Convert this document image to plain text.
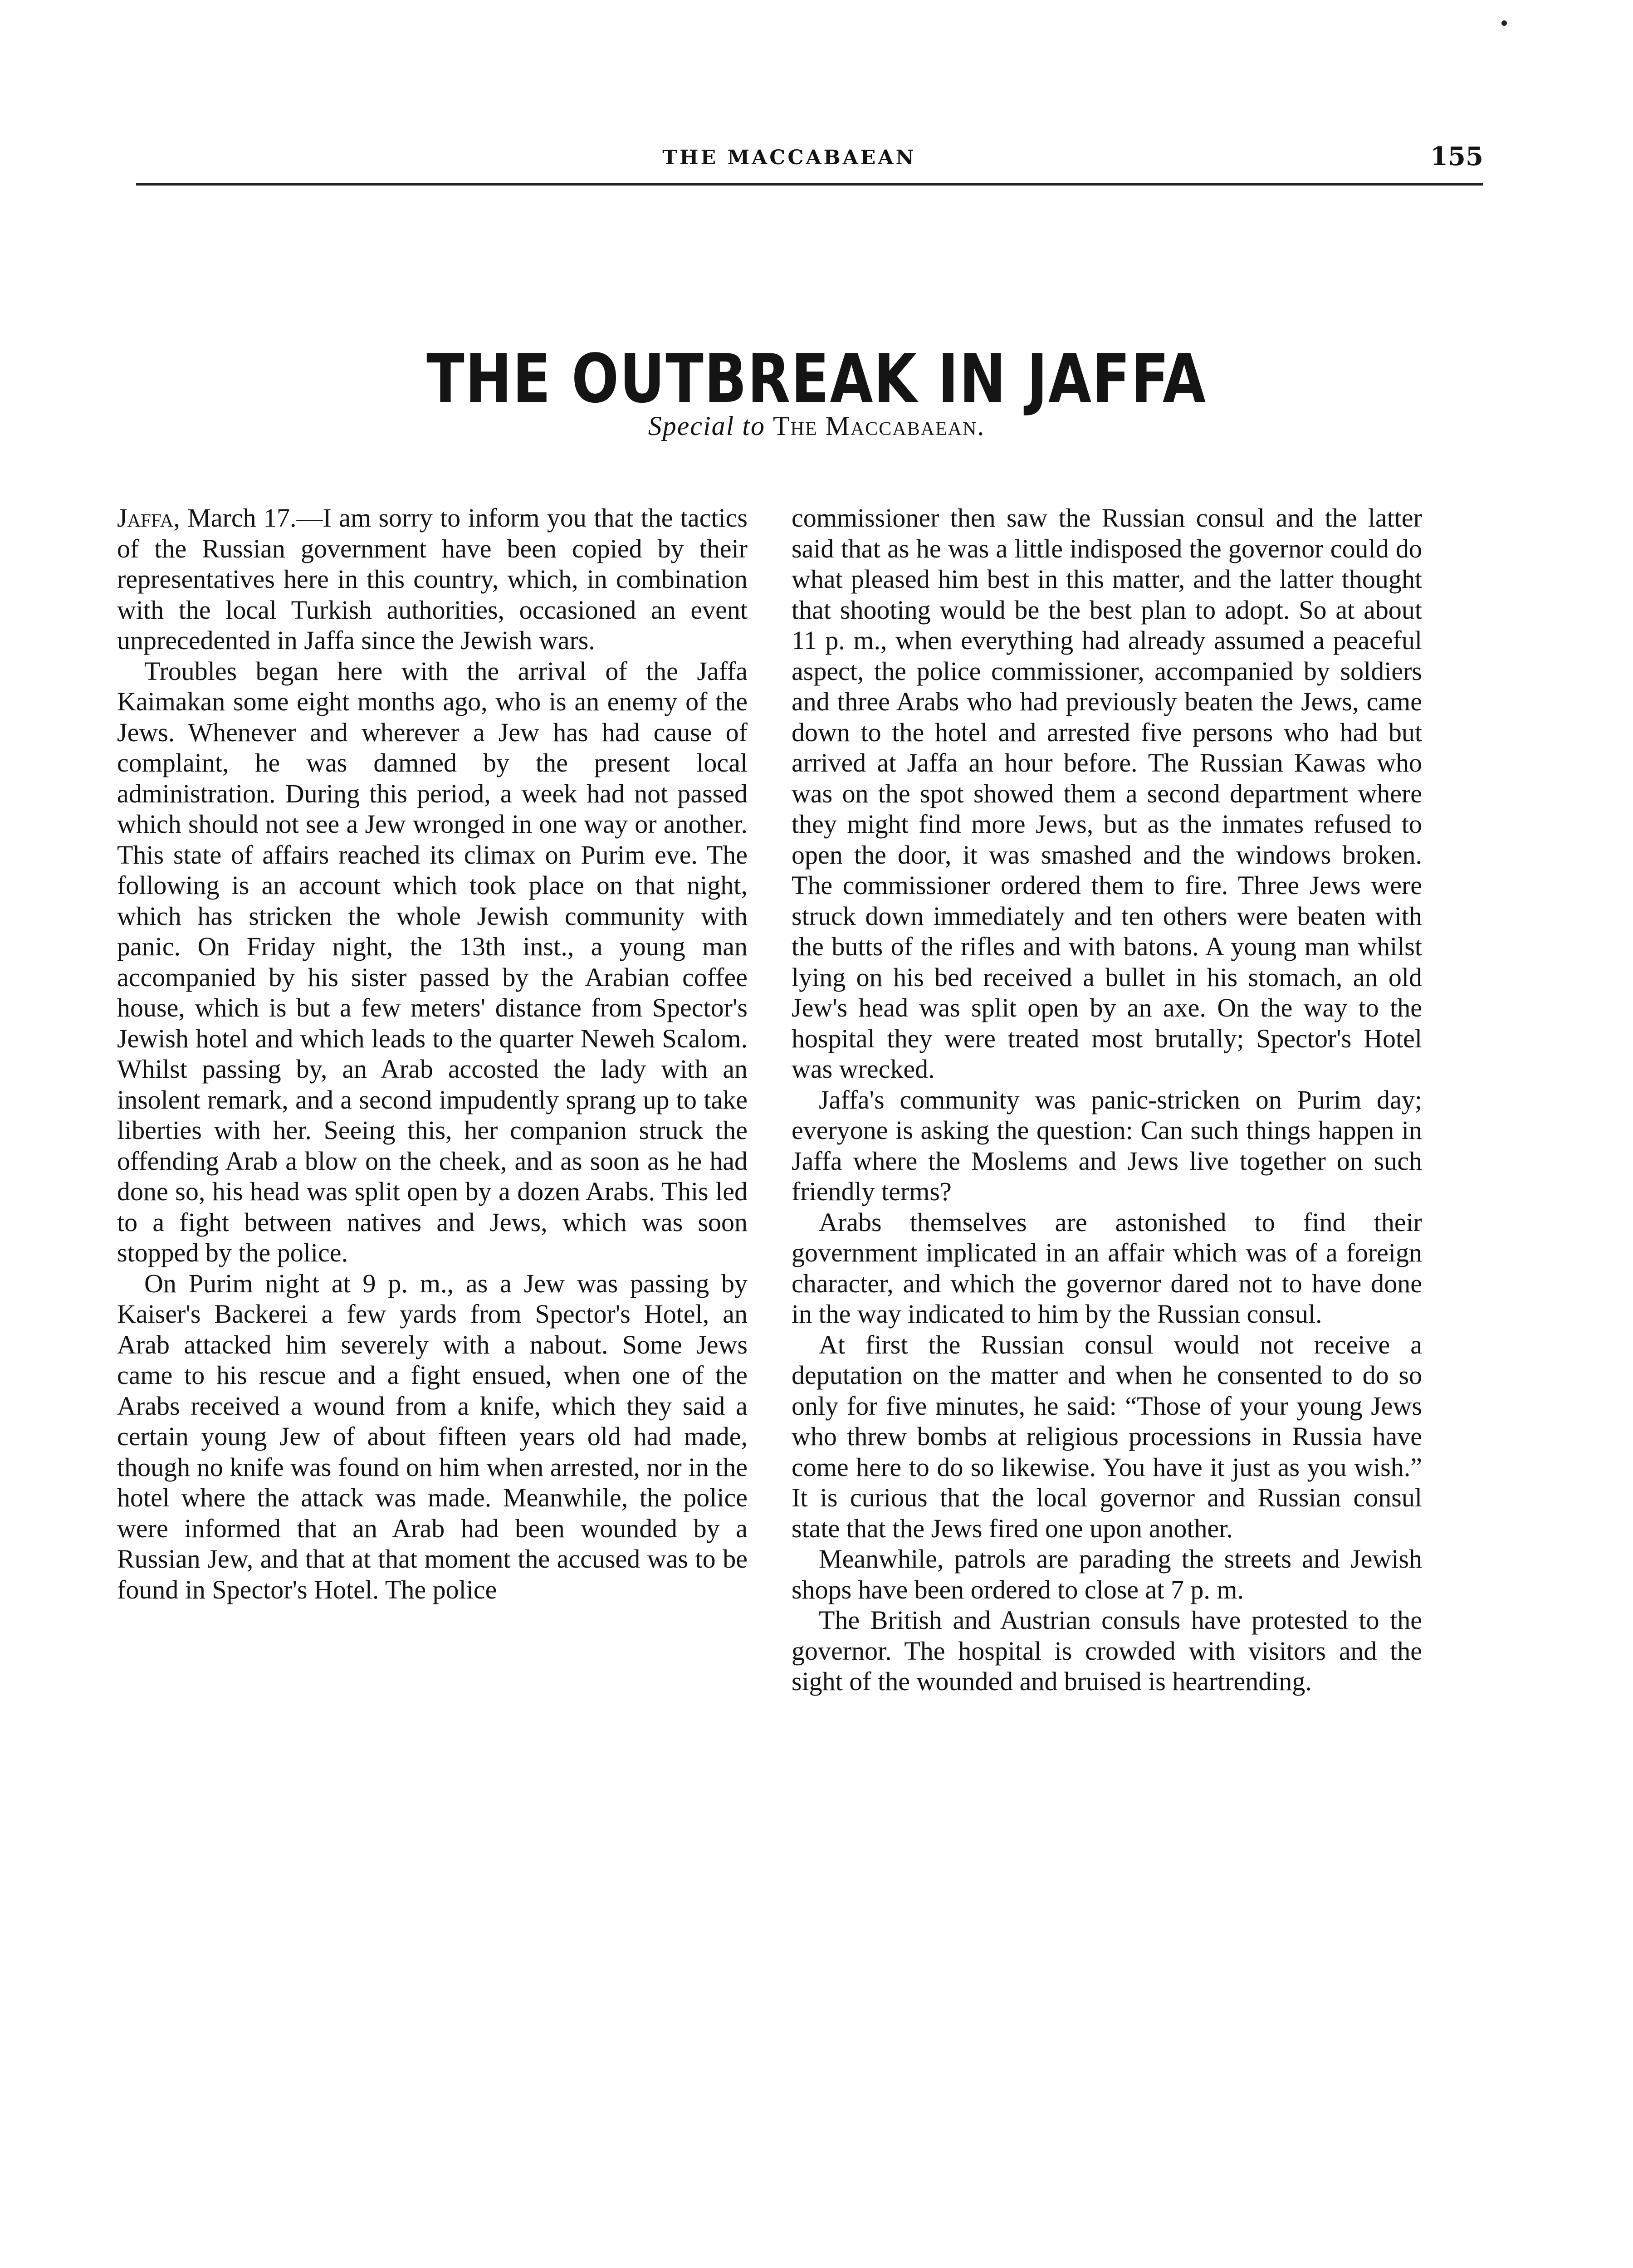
THE MACCABAEAN	155
THE OUTBREAK IN JAFFA
Special to The Maccabaean.

Jaffa, March 17.—I am sorry to inform you that the tactics of the Russian government have been copied by their representatives here in this country, which, in combination with the local Turkish authorities, occasioned an event unprecedented in Jaffa since the Jewish wars.

Troubles began here with the arrival of the Jaffa Kaimakan some eight months ago, who is an enemy of the Jews. Whenever and wherever a Jew has had cause of complaint, he was damned by the present local administration. During this period, a week had not passed which should not see a Jew wronged in one way or another. This state of affairs reached its climax on Purim eve. The following is an account which took place on that night, which has stricken the whole Jewish community with panic. On Friday night, the 13th inst., a young man accompanied by his sister passed by the Arabian coffee house, which is but a few meters' distance from Spector's Jewish hotel and which leads to the quarter Neweh Scalom. Whilst passing by, an Arab accosted the lady with an insolent remark, and a second impudently sprang up to take liberties with her. Seeing this, her companion struck the offending Arab a blow on the cheek, and as soon as he had done so, his head was split open by a dozen Arabs. This led to a fight between natives and Jews, which was soon stopped by the police.

On Purim night at 9 p. m., as a Jew was passing by Kaiser's Backerei a few yards from Spector's Hotel, an Arab attacked him severely with a nabout. Some Jews came to his rescue and a fight ensued, when one of the Arabs received a wound from a knife, which they said a certain young Jew of about fifteen years old had made, though no knife was found on him when arrested, nor in the hotel where the attack was made. Meanwhile, the police were informed that an Arab had been wounded by a Russian Jew, and that at that moment the accused was to be found in Spector's Hotel. The police

commissioner then saw the Russian consul and the latter said that as he was a little indisposed the governor could do what pleased him best in this matter, and the latter thought that shooting would be the best plan to adopt. So at about 11 p. m., when everything had already assumed a peaceful aspect, the police commissioner, accompanied by soldiers and three Arabs who had previously beaten the Jews, came down to the hotel and arrested five persons who had but arrived at Jaffa an hour before. The Russian Kawas who was on the spot showed them a second department where they might find more Jews, but as the inmates refused to open the door, it was smashed and the windows broken. The commissioner ordered them to fire. Three Jews were struck down immediately and ten others were beaten with the butts of the rifles and with batons. A young man whilst lying on his bed received a bullet in his stomach, an old Jew's head was split open by an axe. On the way to the hospital they were treated most brutally; Spector's Hotel was wrecked.

Jaffa's community was panic-stricken on Purim day; everyone is asking the question: Can such things happen in Jaffa where the Moslems and Jews live together on such friendly terms?

Arabs themselves are astonished to find their government implicated in an affair which was of a foreign character, and which the governor dared not to have done in the way indicated to him by the Russian consul.

At first the Russian consul would not receive a deputation on the matter and when he consented to do so only for five minutes, he said: “Those of your young Jews who threw bombs at religious processions in Russia have come here to do so likewise. You have it just as you wish.” It is curious that the local governor and Russian consul state that the Jews fired one upon another.

Meanwhile, patrols are parading the streets and Jewish shops have been ordered to close at 7 p. m.

The British and Austrian consuls have protested to the governor. The hospital is crowded with visitors and the sight of the wounded and bruised is heartrending.
